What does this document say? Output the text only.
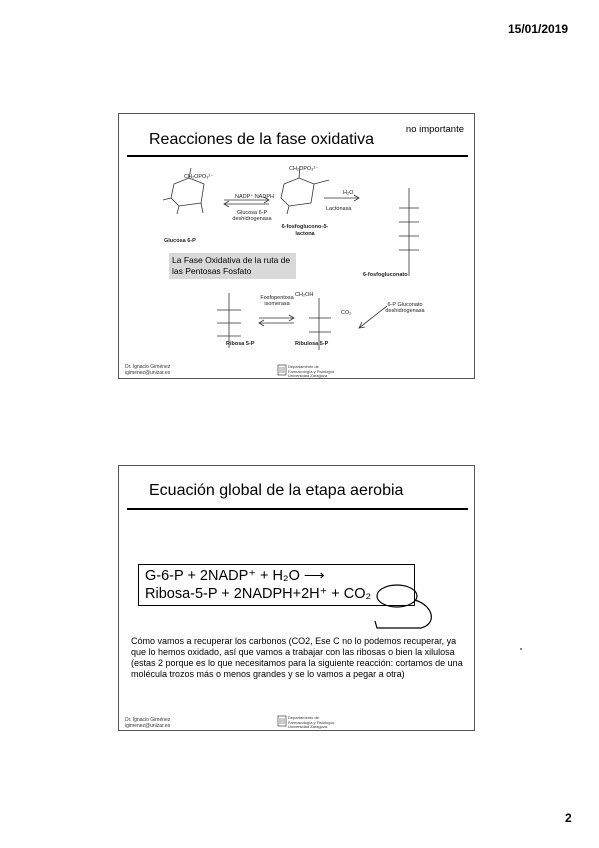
15/01/2019
Reacciones de la fase oxidativa
no importante
CH₂OPO₃²⁻
CH₂OPO₃²⁻
NADP⁺ NADPH
Glucosa 6-P deshidrogenasa
Lactonasa
H₂O
Glucosa 6-P
6-fosfoglucono-δ-lactona
6-fosfogluconato
Fosfopentosa isomerasa
CO₂
6-P Gluconato deshidrogenasa
CH₂OH
Ribosa 5-P	Ribulosa 5-P
La Fase Oxidativa de la ruta de las Pentosas Fosfato
Dr. Ignacio Giménez
igimenez@unizar.es
Departamento de
Farmacología y Fisiología
Universidad Zaragoza
Ecuación global de la etapa aerobia
G-6-P + 2NADP⁺ + H₂O ⟶
Ribosa-5-P + 2NADPH+2H⁺ + CO₂
Cómo vamos a recuperar los carbonos (CO2, Ese C no lo podemos recuperar, ya que lo hemos oxidado, así que vamos a trabajar con las ribosas o bien la xilulosa (estas 2 porque es lo que necesitamos para la siguiente reacción: cortamos de una molécula trozos más o menos grandes y se lo vamos a pegar a otra)
Dr. Ignacio Giménez
igimenez@unizar.es
Departamento de
Farmacología y Fisiología
Universidad Zaragoza
2
